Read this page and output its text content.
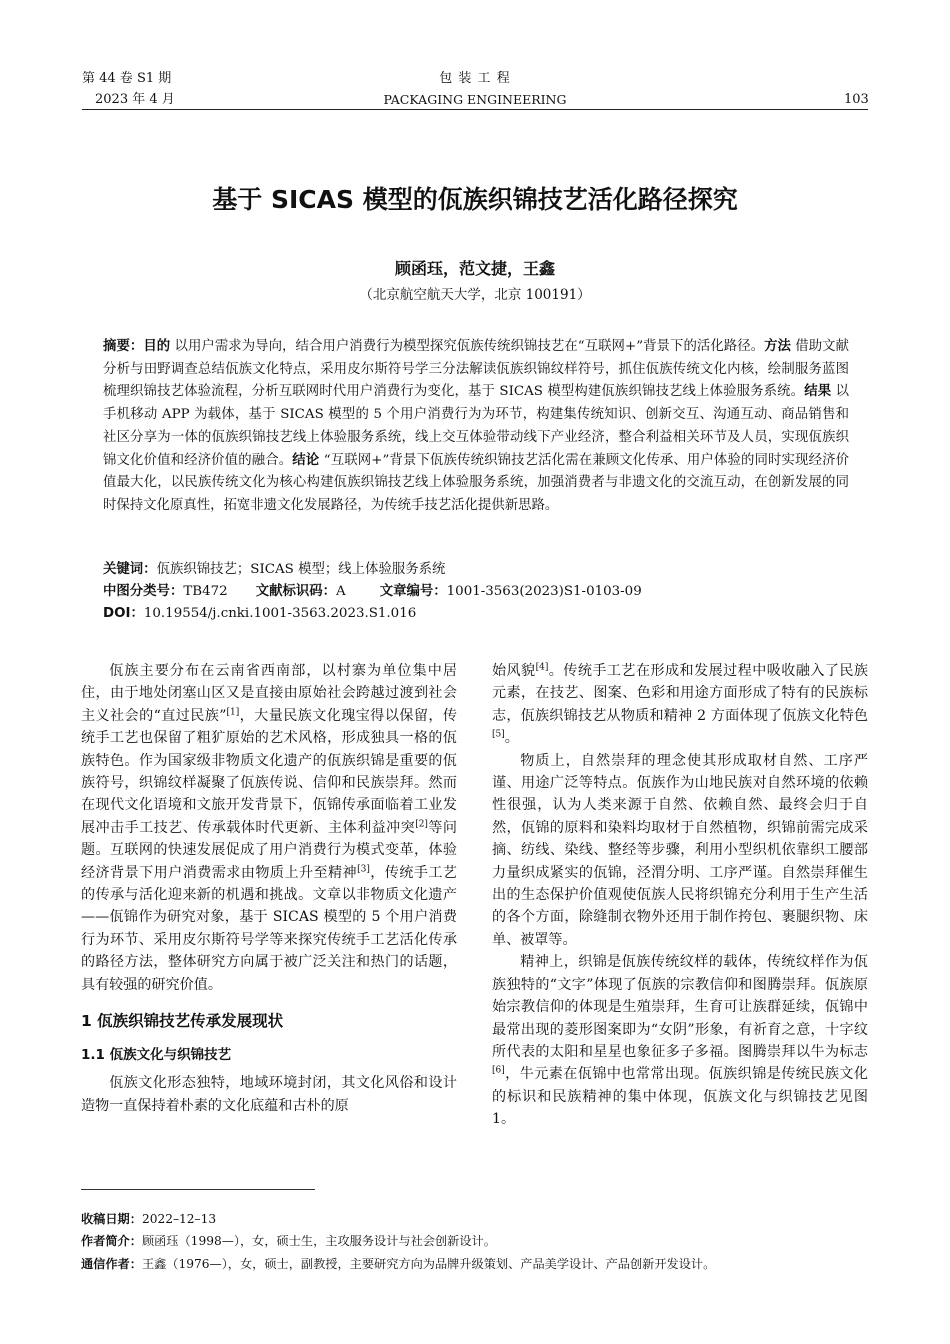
第 44 卷 S1 期
2023 年 4 月
包 装 工 程
PACKAGING ENGINEERING	103
基于 SICAS 模型的佤族织锦技艺活化路径探究
顾函珏，范文捷，王鑫
（北京航空航天大学，北京 100191）
摘要：目的 以用户需求为导向，结合用户消费行为模型探究佤族传统织锦技艺在“互联网+”背景下的活化路径。方法 借助文献分析与田野调查总结佤族文化特点，采用皮尔斯符号学三分法解读佤族织锦纹样符号，抓住佤族传统文化内核，绘制服务蓝图梳理织锦技艺体验流程，分析互联网时代用户消费行为变化，基于 SICAS 模型构建佤族织锦技艺线上体验服务系统。结果 以手机移动 APP 为载体，基于 SICAS 模型的 5 个用户消费行为为环节，构建集传统知识、创新交互、沟通互动、商品销售和社区分享为一体的佤族织锦技艺线上体验服务系统，线上交互体验带动线下产业经济，整合利益相关环节及人员，实现佤族织锦文化价值和经济价值的融合。结论 “互联网+”背景下佤族传统织锦技艺活化需在兼顾文化传承、用户体验的同时实现经济价值最大化，以民族传统文化为核心构建佤族织锦技艺线上体验服务系统，加强消费者与非遗文化的交流互动，在创新发展的同时保持文化原真性，拓宽非遗文化发展路径，为传统手技艺活化提供新思路。
关键词：佤族织锦技艺；SICAS 模型；线上体验服务系统
中图分类号：TB472 文献标识码：A	文章编号：1001-3563(2023)S1-0103-09
DOI：10.19554/j.cnki.1001-3563.2023.S1.016

佤族主要分布在云南省西南部，以村寨为单位集中居住，由于地处闭塞山区又是直接由原始社会跨越过渡到社会主义社会的“直过民族”[1]，大量民族文化瑰宝得以保留，传统手工艺也保留了粗犷原始的艺术风格，形成独具一格的佤族特色。作为国家级非物质文化遗产的佤族织锦是重要的佤族符号，织锦纹样凝聚了佤族传说、信仰和民族崇拜。然而在现代文化语境和文旅开发背景下，佤锦传承面临着工业发展冲击手工技艺、传承载体时代更新、主体利益冲突[2]等问题。互联网的快速发展促成了用户消费行为模式变革，体验经济背景下用户消费需求由物质上升至精神[3]，传统手工艺的传承与活化迎来新的机遇和挑战。文章以非物质文化遗产——佤锦作为研究对象，基于 SICAS 模型的 5 个用户消费行为环节、采用皮尔斯符号学等来探究传统手工艺活化传承的路径方法，整体研究方向属于被广泛关注和热门的话题，具有较强的研究价值。

1 佤族织锦技艺传承发展现状
1.1 佤族文化与织锦技艺

佤族文化形态独特，地域环境封闭，其文化风俗和设计造物一直保持着朴素的文化底蕴和古朴的原

始风貌[4]。传统手工艺在形成和发展过程中吸收融入了民族元素，在技艺、图案、色彩和用途方面形成了特有的民族标志，佤族织锦技艺从物质和精神 2 方面体现了佤族文化特色[5]。

物质上，自然崇拜的理念使其形成取材自然、工序严谨、用途广泛等特点。佤族作为山地民族对自然环境的依赖性很强，认为人类来源于自然、依赖自然、最终会归于自然，佤锦的原料和染料均取材于自然植物，织锦前需完成采摘、纺线、染线、整经等步骤，利用小型织机依靠织工腰部力量织成紧实的佤锦，泾渭分明、工序严谨。自然崇拜催生出的生态保护价值观使佤族人民将织锦充分利用于生产生活的各个方面，除缝制衣物外还用于制作挎包、裹腿织物、床单、被罩等。

精神上，织锦是佤族传统纹样的载体，传统纹样作为佤族独特的“文字”体现了佤族的宗教信仰和图腾崇拜。佤族原始宗教信仰的体现是生殖崇拜，生育可让族群延续，佤锦中最常出现的菱形图案即为“女阴”形象，有祈育之意，十字纹所代表的太阳和星星也象征多子多福。图腾崇拜以牛为标志[6]，牛元素在佤锦中也常常出现。佤族织锦是传统民族文化的标识和民族精神的集中体现，佤族文化与织锦技艺见图 1。

收稿日期：2022–12–13
作者简介：顾函珏（1998—），女，硕士生，主攻服务设计与社会创新设计。
通信作者：王鑫（1976—），女，硕士，副教授，主要研究方向为品牌升级策划、产品美学设计、产品创新开发设计。
